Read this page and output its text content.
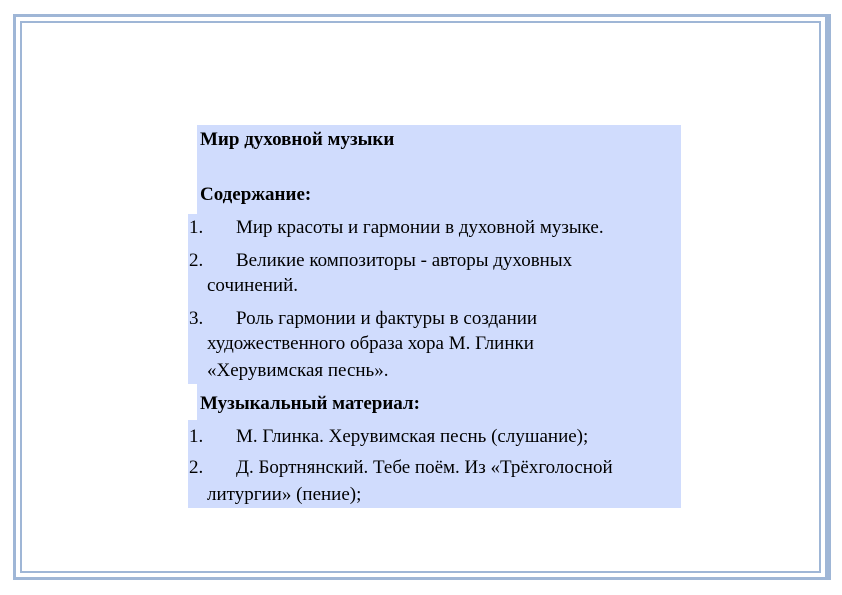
Мир духовной музыки
Содержание:
1. Мир красоты и гармонии в духовной музыке.
2. Великие композиторы - авторы духовных
сочинений.
3. Роль гармонии и фактуры в создании
художественного образа хора М. Глинки
«Херувимская песнь».
Музыкальный материал:
1. М. Глинка. Херувимская песнь (слушание);
2. Д. Бортнянский. Тебе поём. Из «Трёхголосной
литургии» (пение);
